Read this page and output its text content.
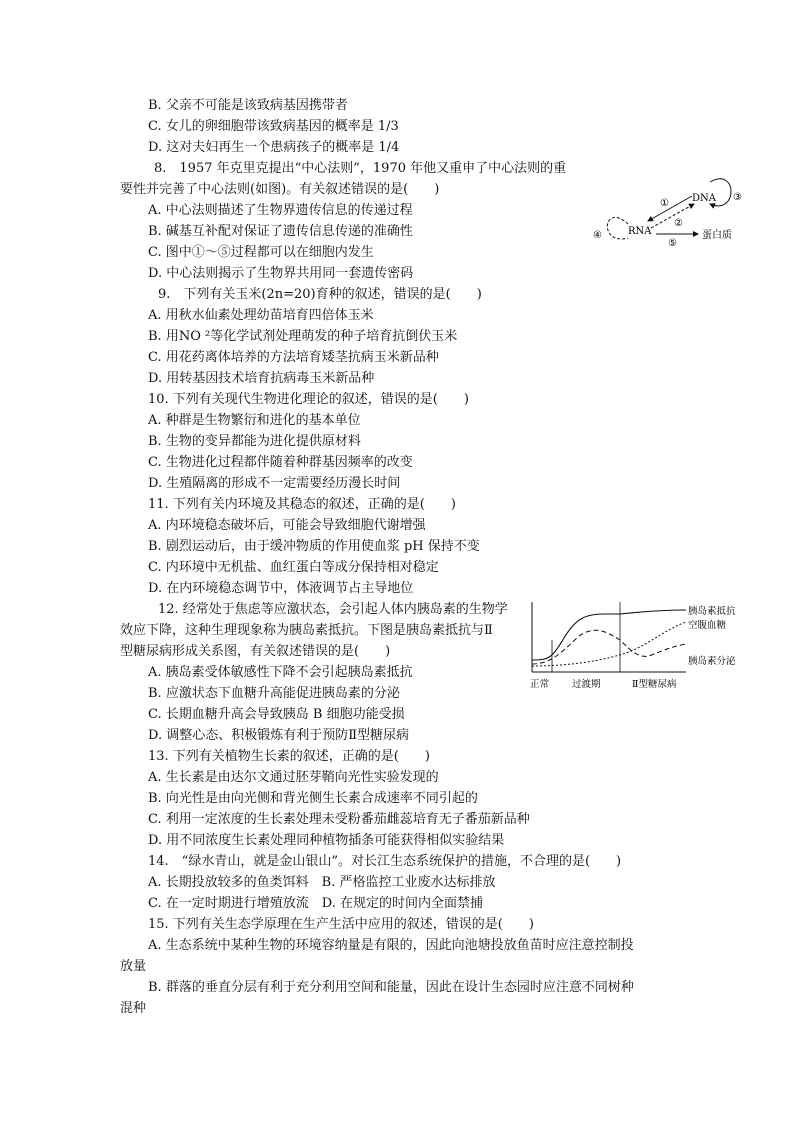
B. 父亲不可能是该致病基因携带者
C. 女儿的卵细胞带该致病基因的概率是 1/3
D. 这对夫妇再生一个患病孩子的概率是 1/4
8.　1957 年克里克提出“中心法则”，1970 年他又重申了中心法则的重
要性并完善了中心法则(如图)。有关叙述错误的是(　　)
A. 中心法则描述了生物界遗传信息的传递过程
B. 碱基互补配对保证了遗传信息传递的准确性
C. 图中①～⑤过程都可以在细胞内发生
D. 中心法则揭示了生物界共用同一套遗传密码
DNA ③
①
②
④	RNA
⑤
蛋白质
9.　下列有关玉米(2n=20)育种的叙述，错误的是(　　)
A. 用秋水仙素处理幼苗培育四倍体玉米
B. 用NO ²等化学试剂处理萌发的种子培育抗倒伏玉米
C. 用花药离体培养的方法培育矮茎抗病玉米新品种
D. 用转基因技术培育抗病毒玉米新品种
10. 下列有关现代生物进化理论的叙述，错误的是(　　)
A. 种群是生物繁衍和进化的基本单位
B. 生物的变异都能为进化提供原材料
C. 生物进化过程都伴随着种群基因频率的改变
D. 生殖隔离的形成不一定需要经历漫长时间
11. 下列有关内环境及其稳态的叙述，正确的是(　　)
A. 内环境稳态破坏后，可能会导致细胞代谢增强
B. 剧烈运动后，由于缓冲物质的作用使血浆 pH 保持不变
C. 内环境中无机盐、血红蛋白等成分保持相对稳定
D. 在内环境稳态调节中，体液调节占主导地位
12. 经常处于焦虑等应激状态，会引起人体内胰岛素的生物学
效应下降，这种生理现象称为胰岛素抵抗。下图是胰岛素抵抗与Ⅱ
型糖尿病形成关系图，有关叙述错误的是(　　)
A. 胰岛素受体敏感性下降不会引起胰岛素抵抗
B. 应激状态下血糖升高能促进胰岛素的分泌
C. 长期血糖升高会导致胰岛 B 细胞功能受损
D. 调整心态、积极锻炼有利于预防Ⅱ型糖尿病
胰岛素抵抗
空腹血糖
胰岛素分泌
正常 过渡期	Ⅱ型糖尿病
13. 下列有关植物生长素的叙述，正确的是(　　)
A. 生长素是由达尔文通过胚芽鞘向光性实验发现的
B. 向光性是由向光侧和背光侧生长素合成速率不同引起的
C. 利用一定浓度的生长素处理未受粉番茄雌蕊培育无子番茄新品种
D. 用不同浓度生长素处理同种植物插条可能获得相似实验结果
14.　“绿水青山，就是金山银山”。对长江生态系统保护的措施，不合理的是(　　)
A. 长期投放较多的鱼类饵料　B. 严格监控工业废水达标排放
C. 在一定时期进行增殖放流　D. 在规定的时间内全面禁捕
15. 下列有关生态学原理在生产生活中应用的叙述，错误的是(　　)
A. 生态系统中某种生物的环境容纳量是有限的，因此向池塘投放鱼苗时应注意控制投
放量
B. 群落的垂直分层有利于充分利用空间和能量，因此在设计生态园时应注意不同树种
混种
